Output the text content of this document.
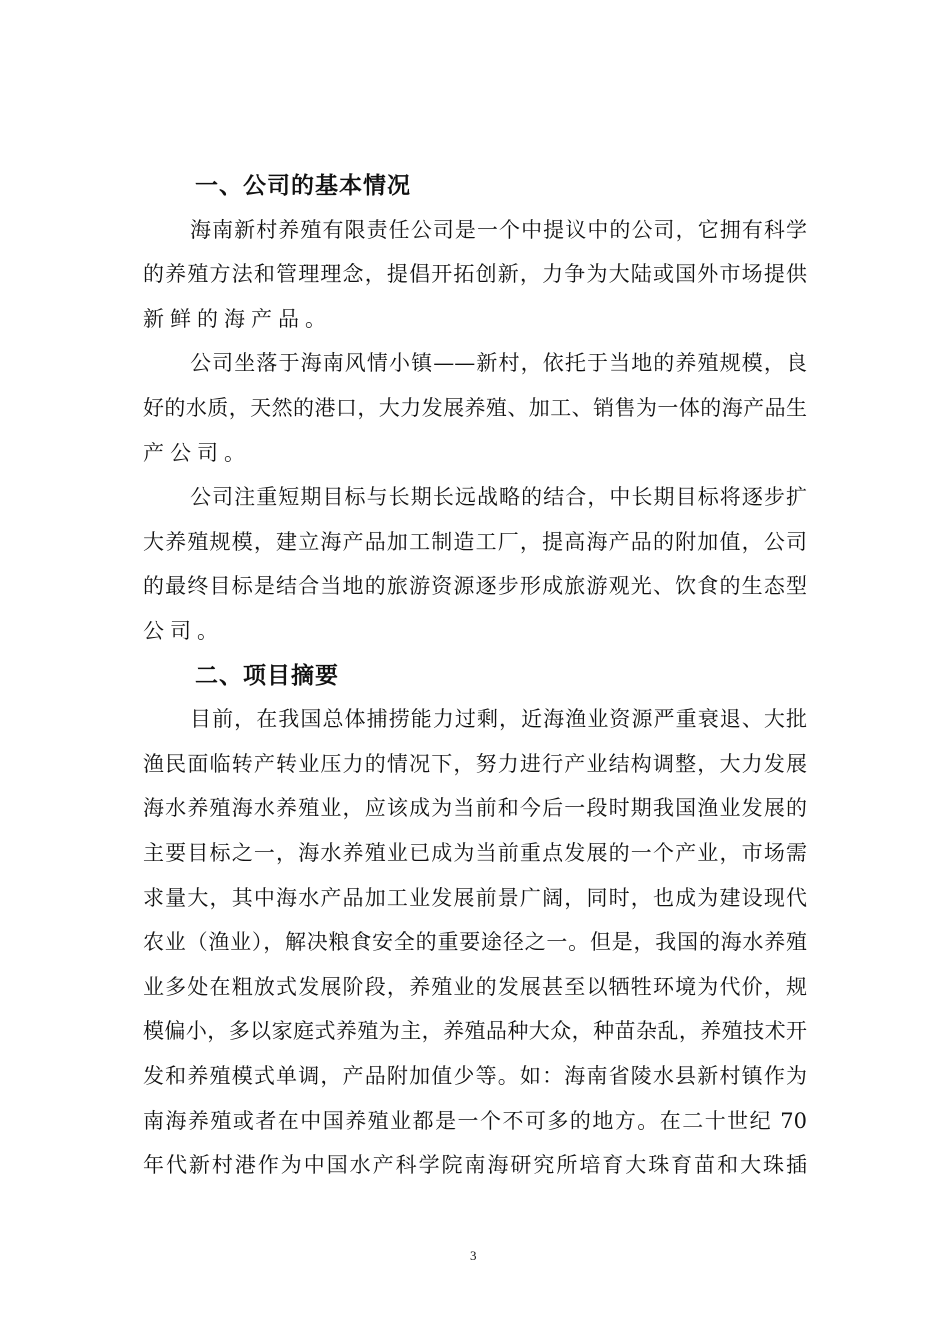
一、公司的基本情况
海南新村养殖有限责任公司是一个中提议中的公司，它拥有科学
的养殖方法和管理理念，提倡开拓创新，力争为大陆或国外市场提供
新鲜的海产品。
公司坐落于海南风情小镇——新村，依托于当地的养殖规模，良
好的水质，天然的港口，大力发展养殖、加工、销售为一体的海产品生
产公司。
公司注重短期目标与长期长远战略的结合，中长期目标将逐步扩
大养殖规模，建立海产品加工制造工厂，提高海产品的附加值，公司
的最终目标是结合当地的旅游资源逐步形成旅游观光、饮食的生态型
公司。
二、项目摘要
目前，在我国总体捕捞能力过剩，近海渔业资源严重衰退、大批
渔民面临转产转业压力的情况下，努力进行产业结构调整，大力发展
海水养殖海水养殖业，应该成为当前和今后一段时期我国渔业发展的
主要目标之一，海水养殖业已成为当前重点发展的一个产业，市场需
求量大，其中海水产品加工业发展前景广阔，同时，也成为建设现代
农业（渔业），解决粮食安全的重要途径之一。但是，我国的海水养殖
业多处在粗放式发展阶段，养殖业的发展甚至以牺牲环境为代价，规
模偏小，多以家庭式养殖为主，养殖品种大众，种苗杂乱，养殖技术开
发和养殖模式单调，产品附加值少等。如：海南省陵水县新村镇作为
南海养殖或者在中国养殖业都是一个不可多的地方。在二十世纪 70
年代新村港作为中国水产科学院南海研究所培育大珠育苗和大珠插
3
